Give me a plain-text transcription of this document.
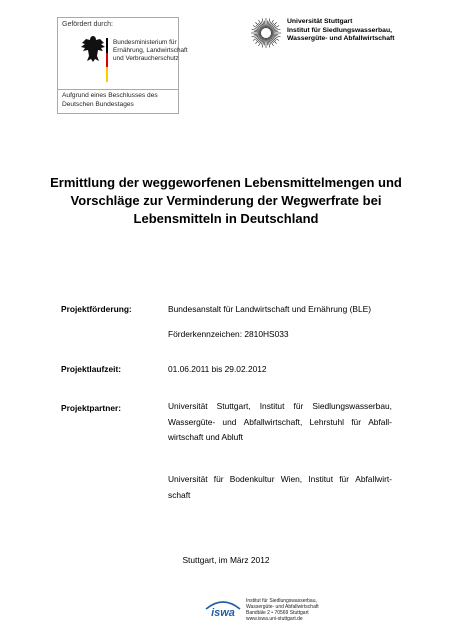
Gefördert durch:
Bundesministerium für
Ernährung, Landwirtschaft
und Verbraucherschutz
Aufgrund eines Beschlusses des
Deutschen Bundestages
Universität Stuttgart
Institut für Siedlungswasserbau,
Wassergüte- und Abfallwirtschaft
Ermittlung der weggeworfenen Lebensmittelmengen und
Vorschläge zur Verminderung der Wegwerfrate bei
Lebensmitteln in Deutschland
Projektförderung:	Bundesanstalt für Landwirtschaft und Ernährung (BLE)
Förderkennzeichen: 2810HS033
Projektlaufzeit:	01.06.2011 bis 29.02.2012
Projektpartner:	Universität Stuttgart, Institut für Siedlungswasserbau,
Wassergüte- und Abfallwirtschaft, Lehrstuhl für Abfall-
wirtschaft und Abluft
Universität für Bodenkultur Wien, Institut für Abfallwirt-
schaft
Stuttgart, im März 2012
iswa
Institut für Siedlungswasserbau,
Wassergüte- und Abfallwirtschaft
Bandtäle 2 • 70569 Stuttgart
www.iswa.uni-stuttgart.de
